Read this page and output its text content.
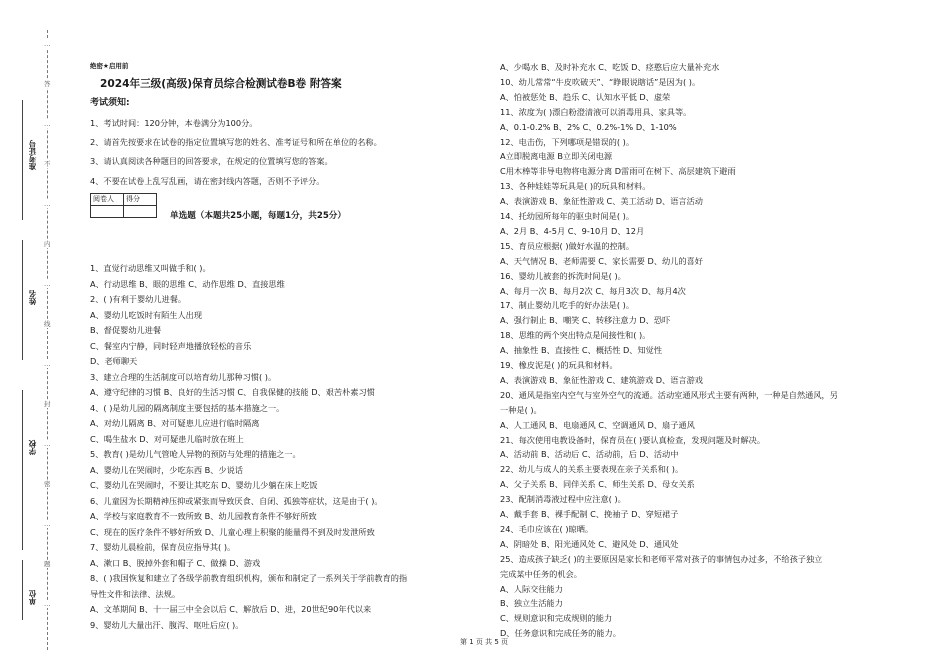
准考证号
姓名
学校
单位
…
答
…
不
…
内
…
线
…
封
…
密
…
题
…
绝密★启用前
2024年三级(高级)保育员综合检测试卷B卷 附答案
考试须知:
1、考试时间：120分钟，本卷满分为100分。
2、请首先按要求在试卷的指定位置填写您的姓名、准考证号和所在单位的名称。
3、请认真阅读各种题目的回答要求，在规定的位置填写您的答案。
4、不要在试卷上乱写乱画，请在密封线内答题，否则不予评分。
阅卷人	得分

单选题（本题共25小题，每题1分，共25分）
1、直觉行动思维又叫做手和( )。
A、行动思维 B、眼的思维 C、动作思维 D、直接思维
2、( )有利于婴幼儿进餐。
A、婴幼儿吃饭时有陌生人出现
B、督促婴幼儿进餐
C、餐室内宁静，同时轻声地播放轻松的音乐
D、老师聊天
3、建立合理的生活制度可以培育幼儿那种习惯( )。
A、遵守纪律的习惯 B、良好的生活习惯 C、自我保健的技能 D、艰苦朴素习惯
4、( )是幼儿园的隔离制度主要包括的基本措施之一。
A、对幼儿隔离 B、对可疑患儿应进行临时隔离
C、喝生盐水 D、对可疑患儿临时放在班上
5、教育( )是幼儿气管呛人异物的预防与处理的措施之一。
A、婴幼儿在哭闹时，少吃东西 B、少说话
C、婴幼儿在哭闹时，不要让其吃东 D、婴幼儿少躺在床上吃饭
6、儿童因为长期精神压抑或紧张而导致厌食、自闭、孤独等症状，这是由于( )。
A、学校与家庭教育不一致所致 B、幼儿园教育条件不够好所致
C、现在的医疗条件不够好所致 D、儿童心理上积聚的能量得不到及时发泄所致
7、婴幼儿晨检前，保育员应指导其( )。
A、漱口 B、脱掉外套和帽子 C、做操 D、游戏
8、( )我国恢复和建立了各级学前教育组织机构，颁布和制定了一系列关于学前教育的指
导性文件和法律、法规。
A、文革期间 B、十一届三中全会以后 C、解放后 D、进，20世纪90年代以来
9、婴幼儿大量出汗、腹泻、呕吐后应( )。
A、少喝水 B、及时补充水 C、吃饭 D、痉憨后应大量补充水
10、幼儿常常“牛皮吹破天”、“睁眼说瞎话”是因为( )。
A、怕被惩处 B、趋乐 C、认知水平低 D、虚荣
11、浓度为( )漂白粉澄清液可以消毒用具、家具等。
A、0.1-0.2% B、2% C、0.2%-1% D、1-10%
12、电击伤，下列哪项是错误的( )。
A立即脱离电源 B立即关闭电源
C用木棒等非导电物将电源分离 D雷雨可在树下、高层建筑下避雨
13、各种娃娃等玩具是( )的玩具和材料。
A、表演游戏 B、象征性游戏 C、美工活动 D、语言活动
14、托幼园所每年的驱虫时间是( )。
A、2月 B、4-5月 C、9-10月 D、12月
15、育员应根据( )做好水温的控制。
A、天气情况 B、老师需要 C、家长需要 D、幼儿的喜好
16、婴幼儿被套的拆洗时间是( )。
A、每月一次 B、每月2次 C、每月3次 D、每月4次
17、制止婴幼儿吃手的好办法是( )。
A、强行制止 B、嘲笑 C、转移注意力 D、恐吓
18、思维的两个突出特点是间接性和( )。
A、抽象性 B、直接性 C、概括性 D、知觉性
19、橡皮泥是( )的玩具和材料。
A、表演游戏 B、象征性游戏 C、建筑游戏 D、语言游戏
20、通风是指室内空气与室外空气的流通。活动室通风形式主要有两种，一种是自然通风，另
一种是( )。
A、人工通风 B、电扇通风 C、空调通风 D、扇子通风
21、每次使用电教设备时，保育员在( )要认真检查，发现问题及时解决。
A、活动前 B、活动后 C、活动前，后 D、活动中
22、幼儿与成人的关系主要表现在亲子关系和( )。
A、父子关系 B、同伴关系 C、师生关系 D、母女关系
23、配制消毒液过程中应注意( )。
A、戴手套 B、裸手配制 C、挽袖子 D、穿短裙子
24、毛巾应该在( )晾晒。
A、阴暗处 B、阳光通风处 C、避风处 D、通风处
25、造成孩子缺乏( )的主要原因是家长和老师平常对孩子的事情包办过多，不给孩子独立
完成某中任务的机会。
A、人际交往能力
B、独立生活能力
C、规则意识和完成规则的能力
D、任务意识和完成任务的能力。
第 1 页 共 5 页
